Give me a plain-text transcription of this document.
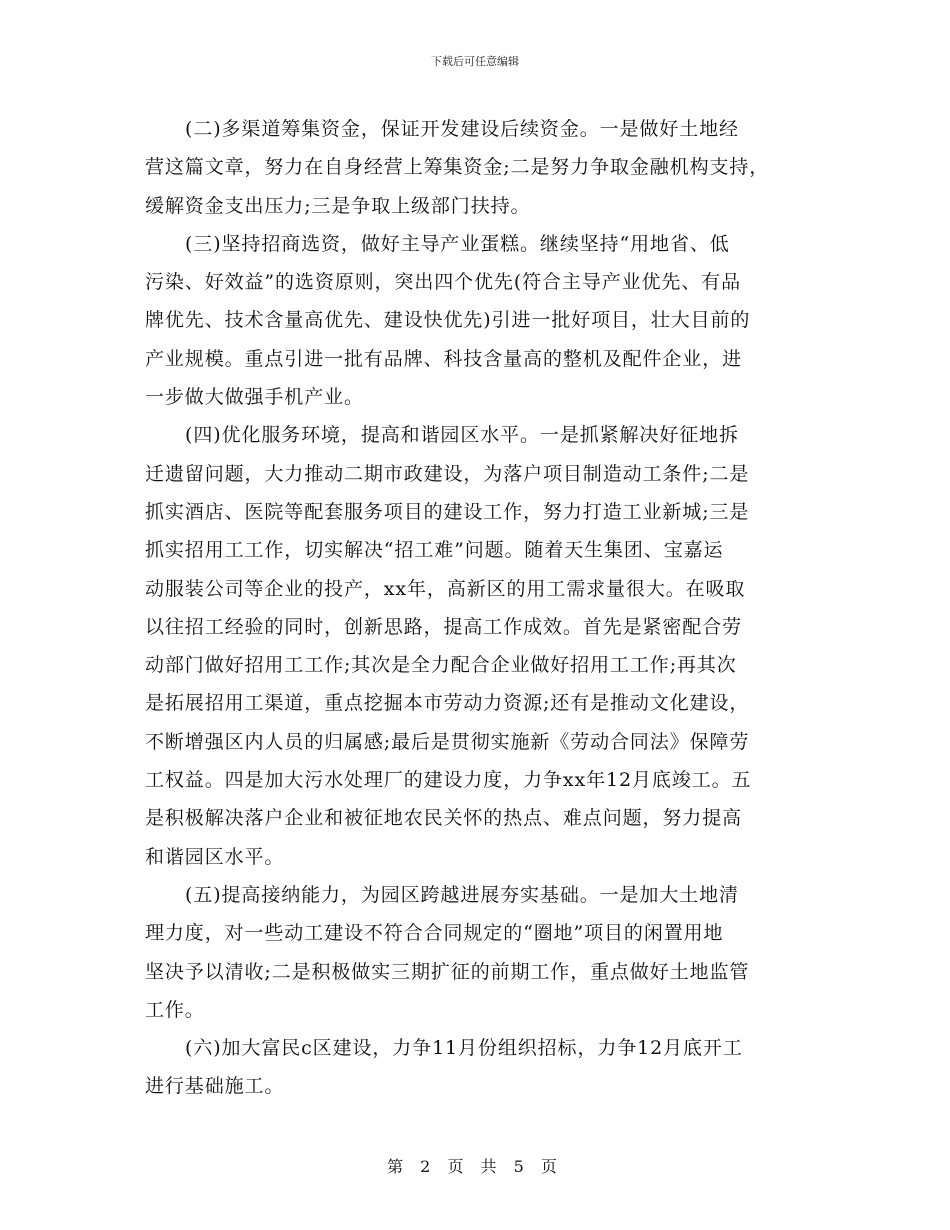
下载后可任意编辑
(二)多渠道筹集资金，保证开发建设后续资金。一是做好土地经
营这篇文章，努力在自身经营上筹集资金;二是努力争取金融机构支持，
缓解资金支出压力;三是争取上级部门扶持。
(三)坚持招商选资，做好主导产业蛋糕。继续坚持“用地省、低
污染、好效益”的选资原则，突出四个优先(符合主导产业优先、有品
牌优先、技术含量高优先、建设快优先)引进一批好项目，壮大目前的
产业规模。重点引进一批有品牌、科技含量高的整机及配件企业，进
一步做大做强手机产业。
(四)优化服务环境，提高和谐园区水平。一是抓紧解决好征地拆
迁遗留问题，大力推动二期市政建设，为落户项目制造动工条件;二是
抓实酒店、医院等配套服务项目的建设工作，努力打造工业新城;三是
抓实招用工工作，切实解决“招工难”问题。随着天生集团、宝嘉运
动服装公司等企业的投产，xx年，高新区的用工需求量很大。在吸取
以往招工经验的同时，创新思路，提高工作成效。首先是紧密配合劳
动部门做好招用工工作;其次是全力配合企业做好招用工工作;再其次
是拓展招用工渠道，重点挖掘本市劳动力资源;还有是推动文化建设，
不断增强区内人员的归属感;最后是贯彻实施新《劳动合同法》保障劳
工权益。四是加大污水处理厂的建设力度，力争xx年12月底竣工。五
是积极解决落户企业和被征地农民关怀的热点、难点问题，努力提高
和谐园区水平。
(五)提高接纳能力，为园区跨越进展夯实基础。一是加大土地清
理力度，对一些动工建设不符合合同规定的“圈地”项目的闲置用地
坚决予以清收;二是积极做实三期扩征的前期工作，重点做好土地监管
工作。
(六)加大富民c区建设，力争11月份组织招标，力争12月底开工
进行基础施工。
第 2 页 共 5 页
